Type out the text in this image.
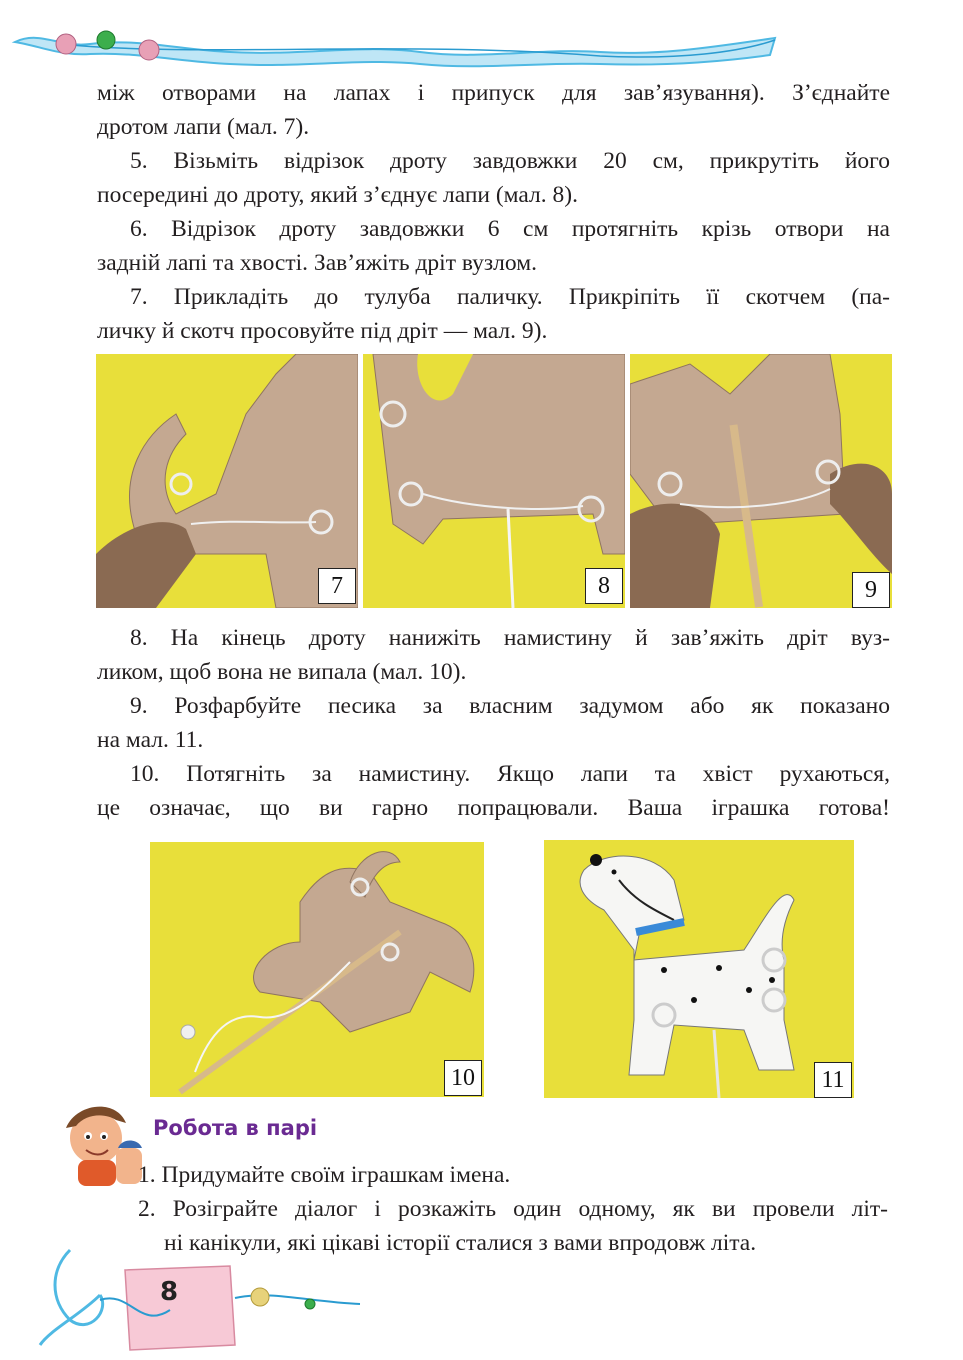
між отворами на лапах і припуск для зав’язування). З’єднайте
дротом лапи (мал. 7).
5. Візьміть відрізок дроту завдовжки 20 см, прикрутіть його
посередині до дроту, який з’єднує лапи (мал. 8).
6. Відрізок дроту завдовжки 6 см протягніть крізь отвори на
задній лапі та хвості. Зав’яжіть дріт вузлом.
7. Прикладіть до тулуба паличку. Прикріпіть її скотчем (па-
личку й скотч просовуйте під дріт — мал. 9).
7	8	9
8. На кінець дроту нанижіть намистину й зав’яжіть дріт вуз-
ликом, щоб вона не випала (мал. 10).
9. Розфарбуйте песика за власним задумом або як показано
на мал. 11.
10. Потягніть за намистину. Якщо лапи та хвіст рухаються,
це означає, що ви гарно попрацювали. Ваша іграшка готова!
10	11
Робота в парі
1. Придумайте своїм іграшкам імена.
2. Розіграйте діалог і розкажіть один одному, як ви провели літ-
ні канікули, які цікаві історії сталися з вами впродовж літа.
8
